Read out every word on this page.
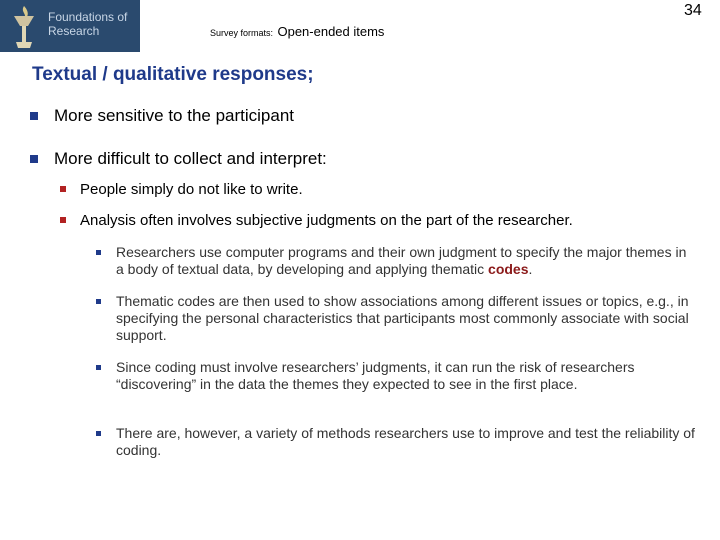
Foundations of
Research	Survey formats: Open-ended items
34
Textual / qualitative responses;
More sensitive to the participant
More difficult to collect and interpret:
People simply do not like to write.
Analysis often involves subjective judgments on the part of the researcher.
Researchers use computer programs and their own judgment to specify the major themes in a body of textual data, by developing and applying thematic codes.
Thematic codes are then used to show associations among different issues or topics, e.g., in specifying the personal characteristics that participants most commonly associate with social support.
Since coding must involve researchers’ judgments, it can run the risk of researchers “discovering” in the data the themes they expected to see in the first place.
There are, however, a variety of methods researchers use to improve and test the reliability of coding.
